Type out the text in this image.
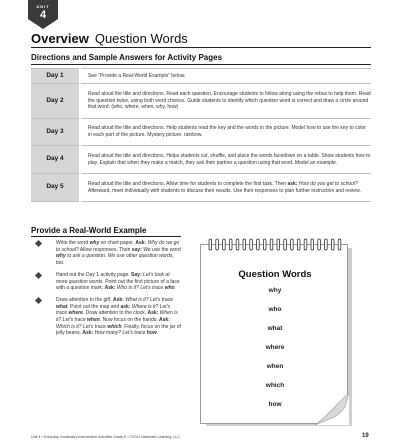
UNIT
4
Overview Question Words
Directions and Sample Answers for Activity Pages
Day 1	See “Provide a Real-World Example” below.
Day 2	Read aloud the title and directions. Read each question. Encourage students to follow along using the rebus to help them. Read the question twice, using both word choices. Guide students to identify which question word is correct and draw a circle around that word. (who, where, when, why, how)
Day 3	Read aloud the title and directions. Help students read the key and the words in the picture. Model how to use the key to color in each part of the picture. Mystery picture: rainbow.
Day 4	Read aloud the title and directions. Helps students cut, shuffle, and place the words facedown on a table. Show students how to play. Explain that when they make a match, they ask their partner a question using that word. Model an example.
Day 5	Read aloud the title and directions. Allow time for students to complete the first task. Then ask: How do you get to school? Afterward, meet individually with students to discuss their results. Use their responses to plan further instruction and review.
Provide a Real-World Example
Write the word why on chart paper. Ask: Why do we go to school? Allow responses. Then say: We use the word why to ask a question. We use other question words, too.
Hand out the Day 1 activity page. Say: Let’s look at more question words. Point out the first picture of a face with a question mark. Ask: Who is it? Let’s trace who.
Draw attention to the gift. Ask: What is it? Let’s trace what. Point out the map and ask: Where is it? Let’s trace where. Draw attention to the clock. Ask: When is it? Let’s trace when. Now focus on the hands. Ask: Which is it? Let’s trace which. Finally, focus on the jar of jelly beans. Ask: How many? Let’s trace how.
Question Words
why
who
what
where
when
which
how
Unit 4 • Everyday Vocabulary Intervention Activities Grade K • ©2011 Newmark Learning, LLC	19
